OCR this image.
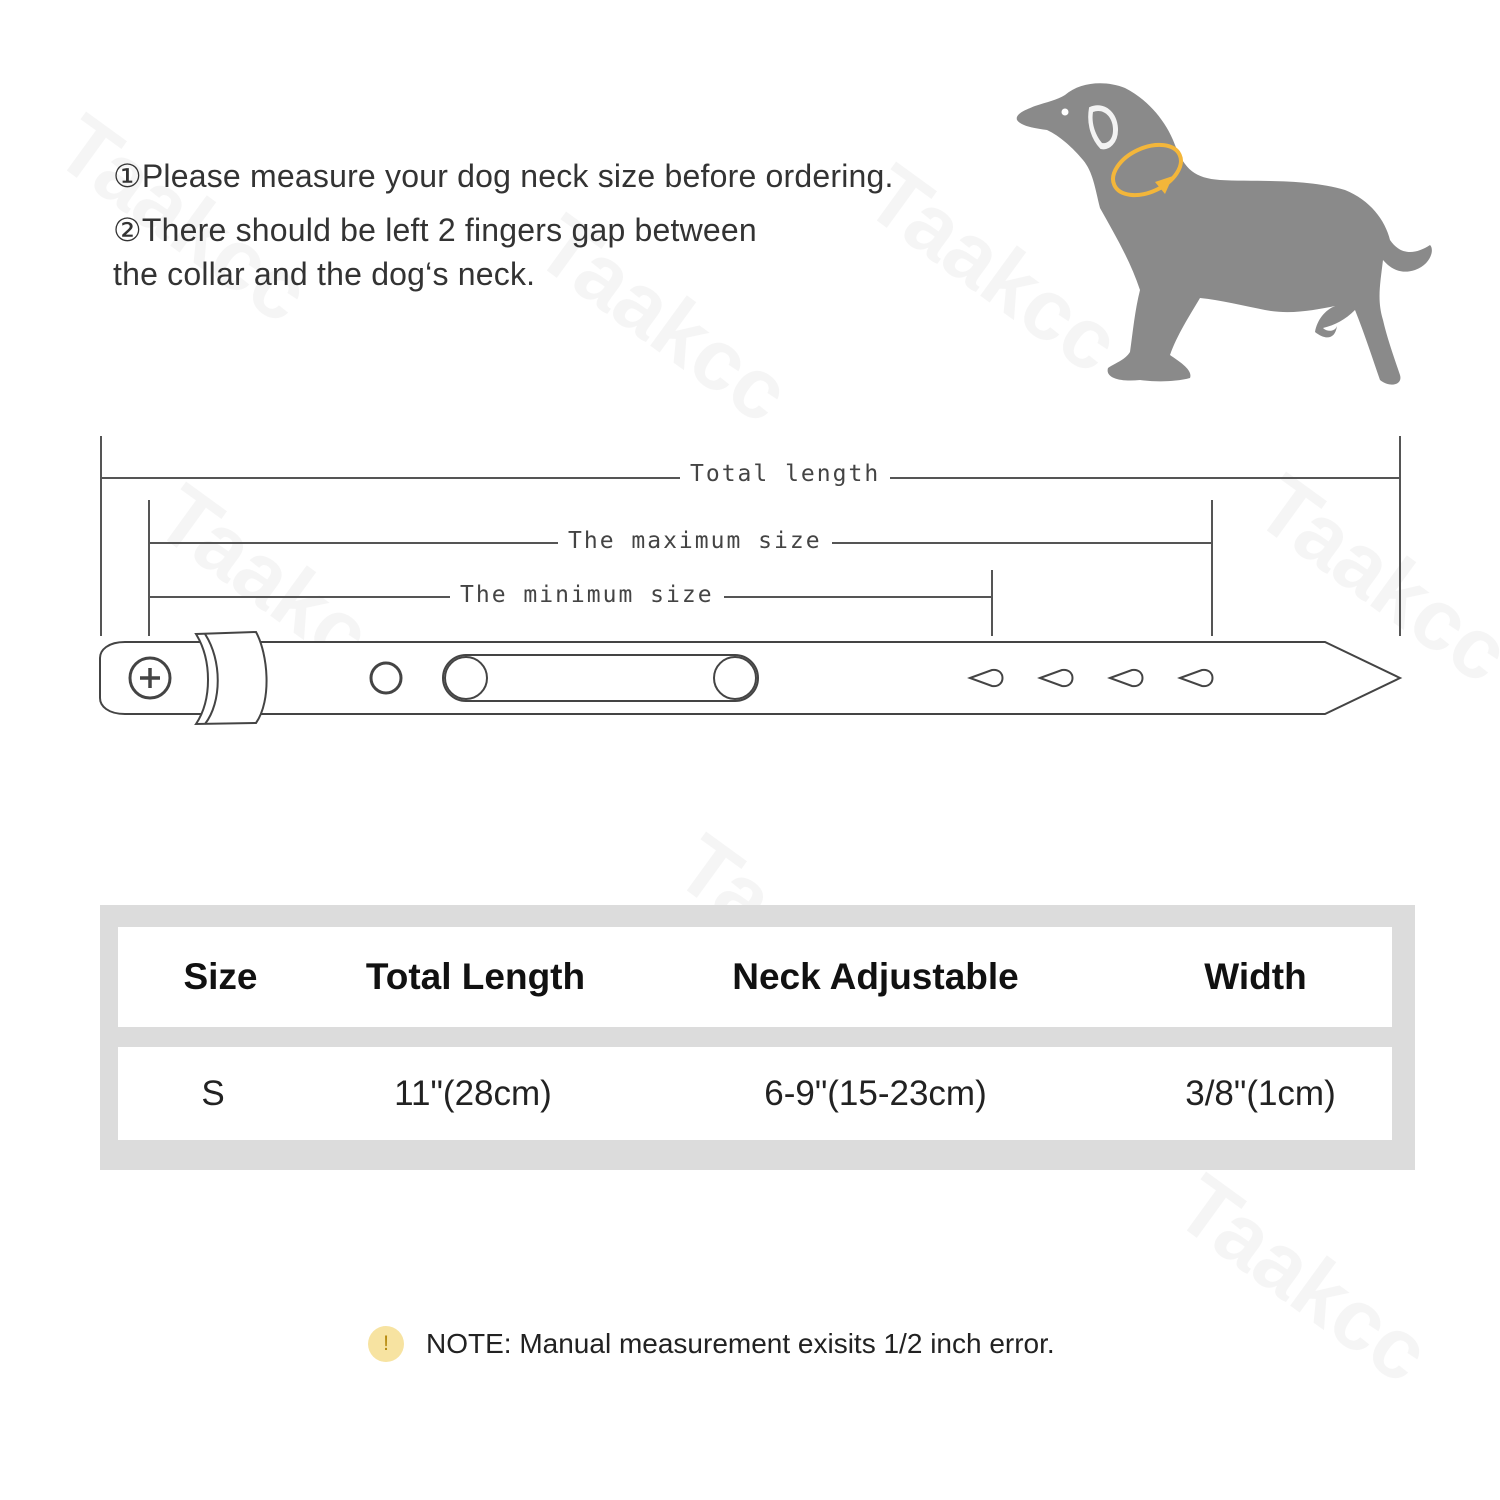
①Please measure your dog neck size before ordering.
②There should be left 2 fingers gap between
the collar and the dog‘s neck.
Total length
The maximum size
The minimum size
Size	Total Length	Neck Adjustable	Width
S	11"(28cm)	6-9"(15-23cm)	3/8"(1cm)
!	NOTE: Manual measurement exisits 1/2 inch error.
